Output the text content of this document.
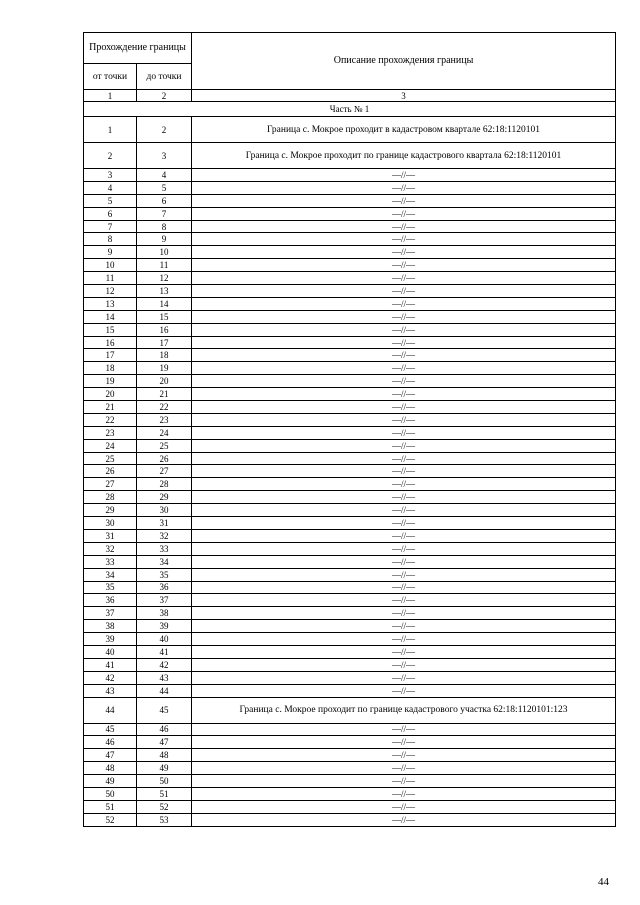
Прохождение границы		Описание прохождения границы
от точки	до точки	
1	2	3
Часть № 1		
1	2	Граница с. Мокрое проходит в кадастровом квартале 62:18:1120101
2	3	Граница с. Мокрое проходит по границе кадастрового квартала 62:18:1120101
3	4	—//—
4	5	—//—
5	6	—//—
6	7	—//—
7	8	—//—
8	9	—//—
9	10	—//—
10	11	—//—
11	12	—//—
12	13	—//—
13	14	—//—
14	15	—//—
15	16	—//—
16	17	—//—
17	18	—//—
18	19	—//—
19	20	—//—
20	21	—//—
21	22	—//—
22	23	—//—
23	24	—//—
24	25	—//—
25	26	—//—
26	27	—//—
27	28	—//—
28	29	—//—
29	30	—//—
30	31	—//—
31	32	—//—
32	33	—//—
33	34	—//—
34	35	—//—
35	36	—//—
36	37	—//—
37	38	—//—
38	39	—//—
39	40	—//—
40	41	—//—
41	42	—//—
42	43	—//—
43	44	—//—
44	45	Граница с. Мокрое проходит по границе кадастрового участка 62:18:1120101:123
45	46	—//—
46	47	—//—
47	48	—//—
48	49	—//—
49	50	—//—
50	51	—//—
51	52	—//—
52	53	—//—
44
